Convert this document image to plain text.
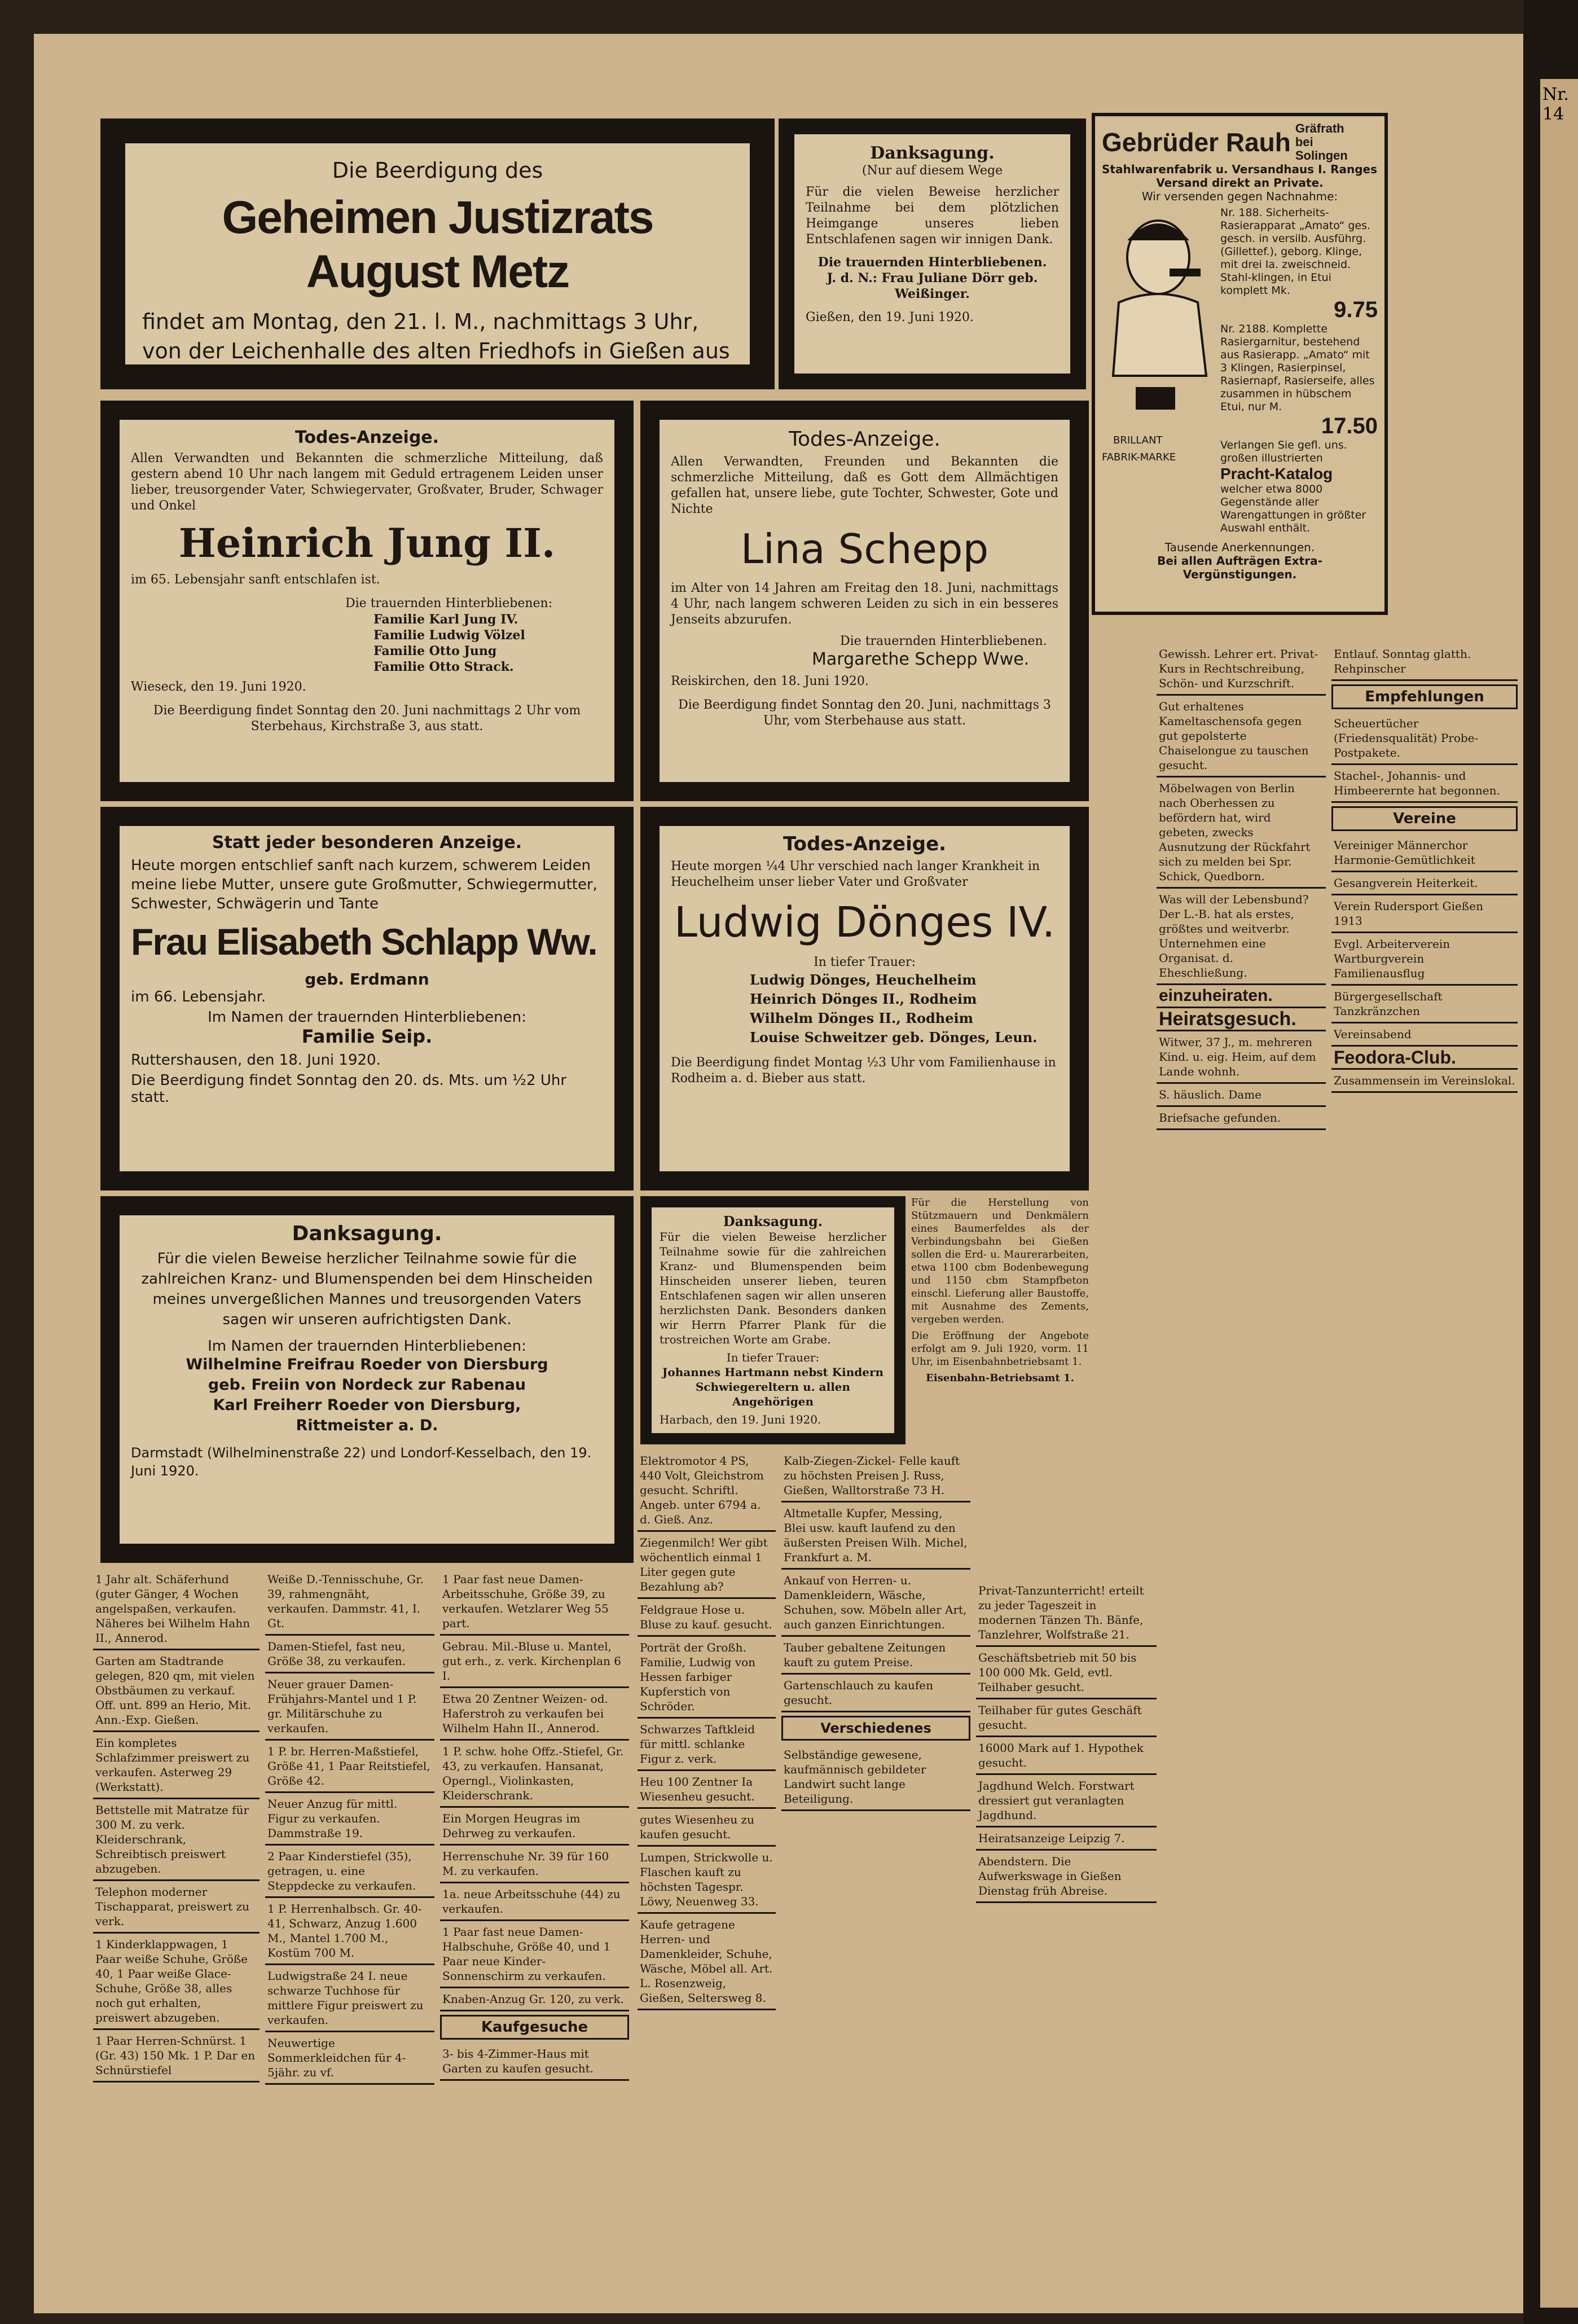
Die Beerdigung des
Geheimen Justizrats August Metz
findet am Montag, den 21. l. M., nachmittags 3 Uhr, von der Leichenhalle des alten Friedhofs in Gießen aus statt.
Danksagung.
(Nur auf diesem Wege
Für die vielen Beweise herzlicher Teilnahme bei dem plötzlichen Heimgange unseres lieben Entschlafenen sagen wir innigen Dank.
Die trauernden Hinterbliebenen.
J. d. N.: Frau Juliane Dörr geb. Weißinger.
Gießen, den 19. Juni 1920.
Gebrüder Rauh Gräfrath bei Solingen
Stahlwarenfabrik u. Versandhaus I. Ranges
Versand direkt an Private.
Wir versenden gegen Nachnahme:
BRILLANT
FABRIK-MARKE
Nr. 188. Sicherheits-Rasierapparat „Amato“ ges. gesch. in versilb. Ausführg. (Gillettef.), geborg. Klinge, mit drei Ia. zweischneid. Stahl-klingen, in Etui komplett Mk.
9.75
Nr. 2188. Komplette Rasiergarnitur, bestehend aus Rasierapp. „Amato“ mit 3 Klingen, Rasierpinsel, Rasiernapf, Rasierseife, alles zusammen in hübschem Etui, nur M.
17.50
Verlangen Sie gefl. uns. großen illustrierten
Pracht-Katalog
welcher etwa 8000 Gegenstände aller Warengattungen in größter Auswahl enthält.
Tausende Anerkennungen.
Bei allen Aufträgen Extra-Vergünstigungen.
Todes-Anzeige.
Allen Verwandten und Bekannten die schmerzliche Mitteilung, daß gestern abend 10 Uhr nach langem mit Geduld ertragenem Leiden unser lieber, treusorgender Vater, Schwiegervater, Großvater, Bruder, Schwager und Onkel
Heinrich Jung II.
im 65. Lebensjahr sanft entschlafen ist.
Die trauernden Hinterbliebenen:
Familie Karl Jung IV.
Familie Ludwig Völzel
Familie Otto Jung
Familie Otto Strack.
Wieseck, den 19. Juni 1920.
Die Beerdigung findet Sonntag den 20. Juni nachmittags 2 Uhr vom Sterbehaus, Kirchstraße 3, aus statt.
Todes-Anzeige.
Allen Verwandten, Freunden und Bekannten die schmerzliche Mitteilung, daß es Gott dem Allmächtigen gefallen hat, unsere liebe, gute Tochter, Schwester, Gote und Nichte
Lina Schepp
im Alter von 14 Jahren am Freitag den 18. Juni, nachmittags 4 Uhr, nach langem schweren Leiden zu sich in ein besseres Jenseits abzurufen.
Die trauernden Hinterbliebenen.
Margarethe Schepp Wwe.
Reiskirchen, den 18. Juni 1920.
Die Beerdigung findet Sonntag den 20. Juni, nachmittags 3 Uhr, vom Sterbehause aus statt.
Statt jeder besonderen Anzeige.
Heute morgen entschlief sanft nach kurzem, schwerem Leiden meine liebe Mutter, unsere gute Großmutter, Schwiegermutter, Schwester, Schwägerin und Tante
Frau Elisabeth Schlapp Ww.
geb. Erdmann
im 66. Lebensjahr.
Im Namen der trauernden Hinterbliebenen:
Familie Seip.
Ruttershausen, den 18. Juni 1920.
Die Beerdigung findet Sonntag den 20. ds. Mts. um ½2 Uhr statt.
Todes-Anzeige.
Heute morgen ¼4 Uhr verschied nach langer Krankheit in Heuchelheim unser lieber Vater und Großvater
Ludwig Dönges IV.
In tiefer Trauer:
Ludwig Dönges, Heuchelheim
Heinrich Dönges II., Rodheim
Wilhelm Dönges II., Rodheim
Louise Schweitzer geb. Dönges, Leun.
Die Beerdigung findet Montag ½3 Uhr vom Familienhause in Rodheim a. d. Bieber aus statt.
Danksagung.
Für die vielen Beweise herzlicher Teilnahme sowie für die zahlreichen Kranz- und Blumenspenden bei dem Hinscheiden meines unvergeßlichen Mannes und treusorgenden Vaters sagen wir unseren aufrichtigsten Dank.
Im Namen der trauernden Hinterbliebenen:
Wilhelmine Freifrau Roeder von Diersburg
geb. Freiin von Nordeck zur Rabenau
Karl Freiherr Roeder von Diersburg,
Rittmeister a. D.
Darmstadt (Wilhelminenstraße 22) und Londorf-Kesselbach, den 19. Juni 1920.
Danksagung.
Für die vielen Beweise herzlicher Teilnahme sowie für die zahlreichen Kranz- und Blumenspenden beim Hinscheiden unserer lieben, teuren Entschlafenen sagen wir allen unseren herzlichsten Dank. Besonders danken wir Herrn Pfarrer Plank für die trostreichen Worte am Grabe.
In tiefer Trauer:
Johannes Hartmann nebst Kindern Schwiegereltern u. allen Angehörigen
Harbach, den 19. Juni 1920.
Für die Herstellung von Stützmauern und Denkmälern eines Baumerfeldes als der Verbindungsbahn bei Gießen sollen die Erd- u. Maurerarbeiten, etwa 1100 cbm Bodenbewegung und 1150 cbm Stampfbeton einschl. Lieferung aller Baustoffe, mit Ausnahme des Zements, vergeben werden.
Die Eröffnung der Angebote erfolgt am 9. Juli 1920, vorm. 11 Uhr, im Eisenbahnbetriebsamt 1.
Eisenbahn-Betriebsamt 1.
1 Jahr alt. Schäferhund (guter Gänger, 4 Wochen angelspaßen, verkaufen. Näheres bei Wilhelm Hahn II., Annerod.
Garten am Stadtrande gelegen, 820 qm, mit vielen Obstbäumen zu verkauf. Off. unt. 899 an Herio, Mit. Ann.-Exp. Gießen.
Ein kompletes Schlafzimmer preiswert zu verkaufen. Asterweg 29 (Werkstatt).
Bettstelle mit Matratze für 300 M. zu verk. Kleiderschrank, Schreibtisch preiswert abzugeben.
Telephon moderner Tischapparat, preiswert zu verk.
1 Kinderklappwagen, 1 Paar weiße Schuhe, Größe 40, 1 Paar weiße Glace-Schuhe, Größe 38, alles noch gut erhalten, preiswert abzugeben.
1 Paar Herren-Schnürst. 1 (Gr. 43) 150 Mk. 1 P. Dar en Schnürstiefel
Weiße D.-Tennisschuhe, Gr. 39, rahmengnäht, verkaufen. Dammstr. 41, I. Gt.
Damen-Stiefel, fast neu, Größe 38, zu verkaufen.
Neuer grauer Damen-Frühjahrs-Mantel und 1 P. gr. Militärschuhe zu verkaufen.
1 P. br. Herren-Maßstiefel, Größe 41, 1 Paar Reitstiefel, Größe 42.
Neuer Anzug für mittl. Figur zu verkaufen. Dammstraße 19.
2 Paar Kinderstiefel (35), getragen, u. eine Steppdecke zu verkaufen.
1 P. Herrenhalbsch. Gr. 40-41, Schwarz, Anzug 1.600 M., Mantel 1.700 M., Kostüm 700 M.
Ludwigstraße 24 I. neue schwarze Tuchhose für mittlere Figur preiswert zu verkaufen.
Neuwertige Sommerkleidchen für 4-5jähr. zu vf.
1 Paar fast neue Damen-Arbeitsschuhe, Größe 39, zu verkaufen. Wetzlarer Weg 55 part.
Gebrau. Mil.-Bluse u. Mantel, gut erh., z. verk. Kirchenplan 6 I.
Etwa 20 Zentner Weizen- od. Haferstroh zu verkaufen bei Wilhelm Hahn II., Annerod.
1 P. schw. hohe Offz.-Stiefel, Gr. 43, zu verkaufen. Hansanat, Operngl., Violinkasten, Kleiderschrank.
Ein Morgen Heugras im Dehrweg zu verkaufen.
Herrenschuhe Nr. 39 für 160 M. zu verkaufen.
1a. neue Arbeitsschuhe (44) zu verkaufen.
1 Paar fast neue Damen-Halbschuhe, Größe 40, und 1 Paar neue Kinder-Sonnenschirm zu verkaufen.
Knaben-Anzug Gr. 120, zu verk.
Kaufgesuche
3- bis 4-Zimmer-Haus mit Garten zu kaufen gesucht.
Elektromotor 4 PS, 440 Volt, Gleichstrom gesucht. Schriftl. Angeb. unter 6794 a. d. Gieß. Anz.
Ziegenmilch! Wer gibt wöchentlich einmal 1 Liter gegen gute Bezahlung ab?
Feldgraue Hose u. Bluse zu kauf. gesucht.
Porträt der Großh. Familie, Ludwig von Hessen farbiger Kupferstich von Schröder.
Schwarzes Taftkleid für mittl. schlanke Figur z. verk.
Heu 100 Zentner Ia Wiesenheu gesucht.
gutes Wiesenheu zu kaufen gesucht.
Lumpen, Strickwolle u. Flaschen kauft zu höchsten Tagespr. Löwy, Neuenweg 33.
Kaufe getragene Herren- und Damenkleider, Schuhe, Wäsche, Möbel all. Art. L. Rosenzweig, Gießen, Seltersweg 8.
Kalb-Ziegen-Zickel- Felle kauft zu höchsten Preisen J. Russ, Gießen, Walltorstraße 73 H.
Altmetalle Kupfer, Messing, Blei usw. kauft laufend zu den äußersten Preisen Wilh. Michel, Frankfurt a. M.
Ankauf von Herren- u. Damenkleidern, Wäsche, Schuhen, sow. Möbeln aller Art, auch ganzen Einrichtungen.
Tauber gebaltene Zeitungen kauft zu gutem Preise.
Gartenschlauch zu kaufen gesucht.
Verschiedenes
Selbständige gewesene, kaufmännisch gebildeter Landwirt sucht lange Beteiligung.
Privat-Tanzunterricht! erteilt zu jeder Tageszeit in modernen Tänzen Th. Bänfe, Tanzlehrer, Wolfstraße 21.
Geschäftsbetrieb mit 50 bis 100 000 Mk. Geld, evtl. Teilhaber gesucht.
Teilhaber für gutes Geschäft gesucht.
16000 Mark auf 1. Hypothek gesucht.
Jagdhund Welch. Forstwart dressiert gut veranlagten Jagdhund.
Heiratsanzeige Leipzig 7.
Abendstern. Die Aufwerkswage in Gießen Dienstag früh Abreise.
Gewissh. Lehrer ert. Privat-Kurs in Rechtschreibung, Schön- und Kurzschrift.
Gut erhaltenes Kameltaschensofa gegen gut gepolsterte Chaiselongue zu tauschen gesucht.
Möbelwagen von Berlin nach Oberhessen zu befördern hat, wird gebeten, zwecks Ausnutzung der Rückfahrt sich zu melden bei Spr. Schick, Quedborn.
Was will der Lebensbund? Der L.-B. hat als erstes, größtes und weitverbr. Unternehmen eine Organisat. d. Eheschließung.
einzuheiraten.
Heiratsgesuch.
Witwer, 37 J., m. mehreren Kind. u. eig. Heim, auf dem Lande wohnh.
S. häuslich. Dame
Briefsache gefunden.
Entlauf. Sonntag glatth. Rehpinscher
Empfehlungen
Scheuertücher (Friedensqualität) Probe-Postpakete.
Stachel-, Johannis- und Himbeerernte hat begonnen.
Vereine
Vereiniger Männerchor Harmonie-Gemütlichkeit
Gesangverein Heiterkeit.
Verein Rudersport Gießen 1913
Evgl. Arbeiterverein Wartburgverein Familienausflug
Bürgergesellschaft Tanzkränzchen
Vereinsabend
Feodora-Club.
Zusammensein im Vereinslokal.
Nr. 14
